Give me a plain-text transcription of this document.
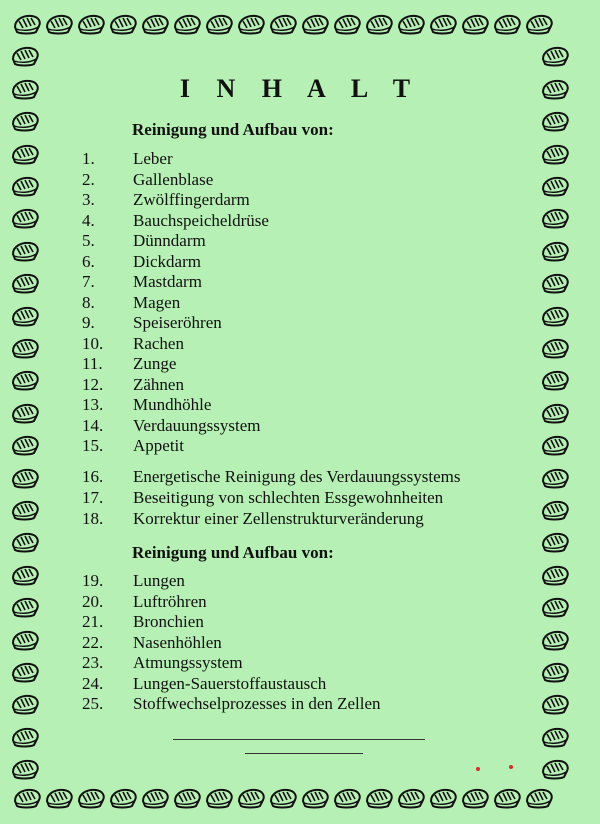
I N H A L T
Reinigung und Aufbau von:
1. Leber
2. Gallenblase
3. Zwölffingerdarm
4. Bauchspeicheldrüse
5. Dünndarm
6. Dickdarm
7. Mastdarm
8. Magen
9. Speiseröhren
10. Rachen
11. Zunge
12. Zähnen
13. Mundhöhle
14. Verdauungssystem
15. Appetit
16. Energetische Reinigung des Verdauungssystems
17. Beseitigung von schlechten Essgewohnheiten
18. Korrektur einer Zellenstrukturveränderung
Reinigung und Aufbau von:
19. Lungen
20. Luftröhren
21. Bronchien
22. Nasenhöhlen
23. Atmungssystem
24. Lungen-Sauerstoffaustausch
25. Stoffwechselprozesses in den Zellen
